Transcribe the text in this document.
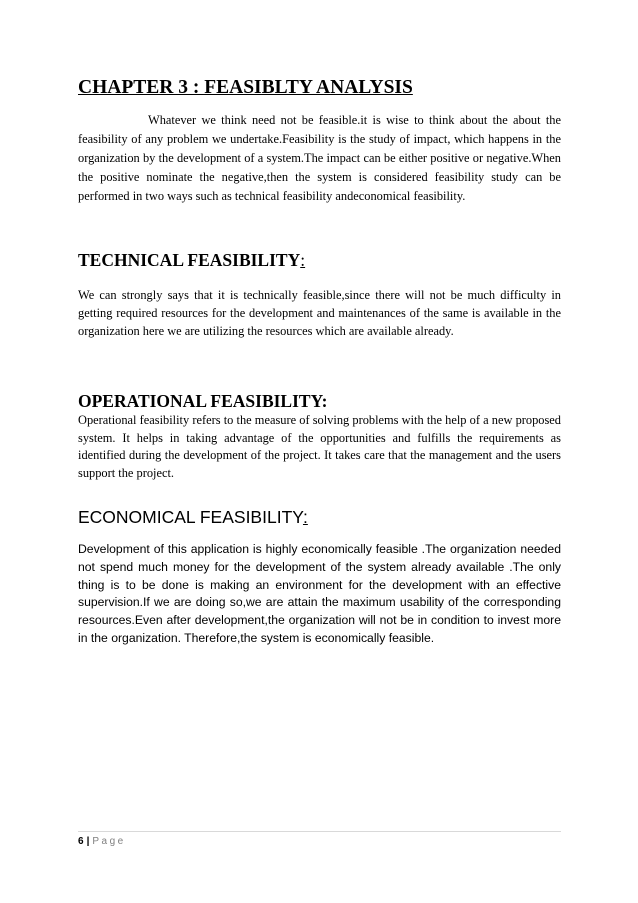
CHAPTER 3 : FEASIBLTY ANALYSIS

Whatever we think need not be feasible.it is wise to think about the about the feasibility of any problem we undertake.Feasibility is the study of impact, which happens in the organization by the development of a system.The impact can be either positive or negative.When the positive nominate the negative,then the system is considered feasibility study can be performed in two ways such as technical feasibility andeconomical feasibility.

TECHNICAL FEASIBILITY:

We can strongly says that it is technically feasible,since there will not be much difficulty in getting required resources for the development and maintenances of the same is available in the organization here we are utilizing the resources which are available already.

OPERATIONAL FEASIBILITY:

Operational feasibility refers to the measure of solving problems with the help of a new proposed system. It helps in taking advantage of the opportunities and fulfills the requirements as identified during the development of the project. It takes care that the management and the users support the project.

ECONOMICAL FEASIBILITY:

Development of this application is highly economically feasible .The organization needed not spend much money for the development of the system already available .The only thing is to be done is making an environment for the development with an effective supervision.If we are doing so,we are attain the maximum usability of the corresponding resources.Even after development,the organization will not be in condition to invest more in the organization. Therefore,the system is economically feasible.

6 | Page
